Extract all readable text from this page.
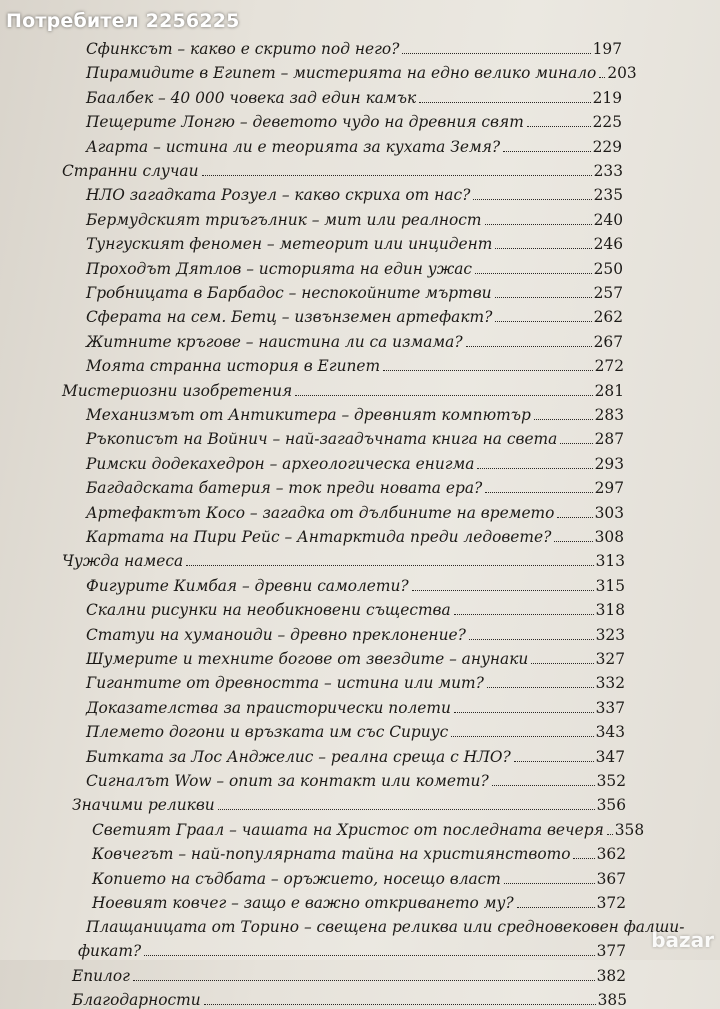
Потребител 2256225
Сфинксът – какво е скрито под него?	197
Пирамидите в Египет – мистерията на едно велико минало 203
Баалбек – 40 000 човека зад един камък	219
Пещерите Лонгю – деветото чудо на древния свят	225
Агарта – истина ли е теорията за кухата Земя?	229
Странни случаи	233
НЛО загадката Розуел – какво скриха от нас?	235
Бермудският триъгълник – мит или реалност	240
Тунгуският феномен – метеорит или инцидент	246
Проходът Дятлов – историята на един ужас	250
Гробницата в Барбадос – неспокойните мъртви	257
Сферата на сем. Бетц – извънземен артефакт?	262
Житните кръгове – наистина ли са измама?	267
Моята странна история в Египет	272
Мистериозни изобретения	281
Механизмът от Антикитера – древният компютър	283
Ръкописът на Войнич – най-загадъчната книга на света 287
Римски додекахедрон – археологическа енигма	293
Багдадската батерия – ток преди новата ера?	297
Артефактът Косо – загадка от дълбините на времето	303
Картата на Пири Рейс – Антарктида преди ледовете?	308
Чужда намеса	313
Фигурите Кимбая – древни самолети?	315
Скални рисунки на необикновени същества	318
Статуи на хуманоиди – древно преклонение?	323
Шумерите и техните богове от звездите – анунаки	327
Гигантите от древността – истина или мит?	332
Доказателства за праисторически полети	337
Племето догони и връзката им със Сириус	343
Битката за Лос Анджелис – реална среща с НЛО?	347
Сигналът Wow – опит за контакт или комети?	352
Значими реликви	356
Светият Граал – чашата на Христос от последната вечеря 358
Ковчегът – най-популярната тайна на християнството 362
Копието на съдбата – оръжието, носещо власт	367
Ноевият ковчег – защо е важно откриването му?	372
Плащаницата от Торино – свещена реликва или средновековен фалши-
фикат?	377
Епилог	382
Благодарности	385
bazar
